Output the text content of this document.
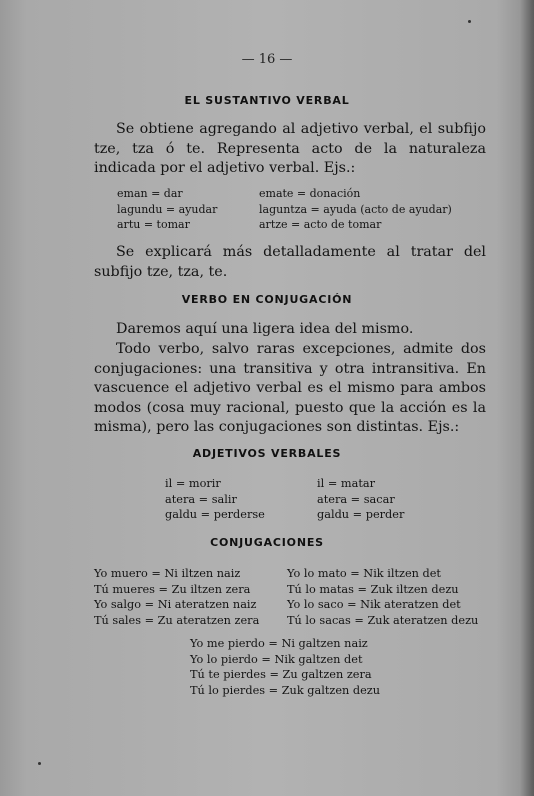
— 16 —
EL SUSTANTIVO VERBAL
Se obtiene agregando al adjetivo verbal, el subfijo tze, tza ó te. Representa acto de la naturaleza indicada por el adjetivo verbal. Ejs.:
eman = dar
lagundu = ayudar
artu = tomar
emate = donación
laguntza = ayuda (acto de ayudar)
artze = acto de tomar
Se explicará más detalladamente al tratar del subfijo tze, tza, te.
VERBO EN CONJUGACIÓN
Daremos aquí una ligera idea del mismo.
Todo verbo, salvo raras excepciones, admite dos conjugaciones: una transitiva y otra intransitiva. En vascuence el adjetivo verbal es el mismo para ambos modos (cosa muy racional, puesto que la acción es la misma), pero las conjugaciones son distintas. Ejs.:
ADJETIVOS VERBALES
il = morir
atera = salir
galdu = perderse
il = matar
atera = sacar
galdu = perder
CONJUGACIONES
Yo muero = Ni iltzen naiz
Tú mueres = Zu iltzen zera
Yo salgo = Ni ateratzen naiz
Tú sales = Zu ateratzen zera
Yo lo mato = Nik iltzen det
Tú lo matas = Zuk iltzen dezu
Yo lo saco = Nik ateratzen det
Tú lo sacas = Zuk ateratzen dezu
Yo me pierdo = Ni galtzen naiz
Yo lo pierdo = Nik galtzen det
Tú te pierdes = Zu galtzen zera
Tú lo pierdes = Zuk galtzen dezu
